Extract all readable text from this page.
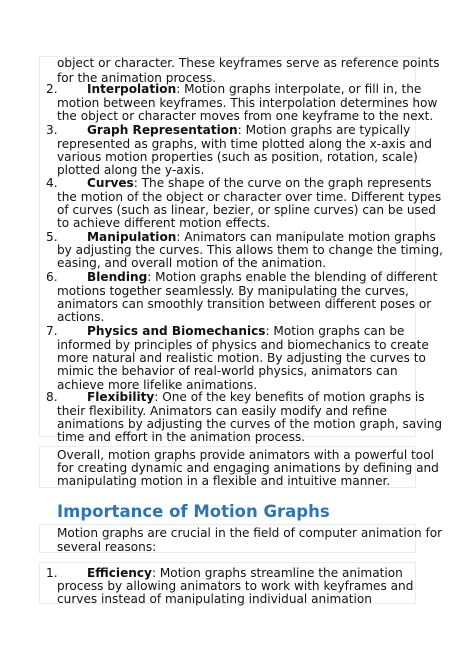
object or character. These keyframes serve as reference points
for the animation process.
2. Interpolation: Motion graphs interpolate, or fill in, the
motion between keyframes. This interpolation determines how
the object or character moves from one keyframe to the next.
3. Graph Representation: Motion graphs are typically
represented as graphs, with time plotted along the x-axis and
various motion properties (such as position, rotation, scale)
plotted along the y-axis.
4. Curves: The shape of the curve on the graph represents
the motion of the object or character over time. Different types
of curves (such as linear, bezier, or spline curves) can be used
to achieve different motion effects.
5. Manipulation: Animators can manipulate motion graphs
by adjusting the curves. This allows them to change the timing,
easing, and overall motion of the animation.
6. Blending: Motion graphs enable the blending of different
motions together seamlessly. By manipulating the curves,
animators can smoothly transition between different poses or
actions.
7. Physics and Biomechanics: Motion graphs can be
informed by principles of physics and biomechanics to create
more natural and realistic motion. By adjusting the curves to
mimic the behavior of real-world physics, animators can
achieve more lifelike animations.
8. Flexibility: One of the key benefits of motion graphs is
their flexibility. Animators can easily modify and refine
animations by adjusting the curves of the motion graph, saving
time and effort in the animation process.
Overall, motion graphs provide animators with a powerful tool
for creating dynamic and engaging animations by defining and
manipulating motion in a flexible and intuitive manner.
Importance of Motion Graphs
Motion graphs are crucial in the field of computer animation for
several reasons:
1. Efficiency: Motion graphs streamline the animation
process by allowing animators to work with keyframes and
curves instead of manipulating individual animation
